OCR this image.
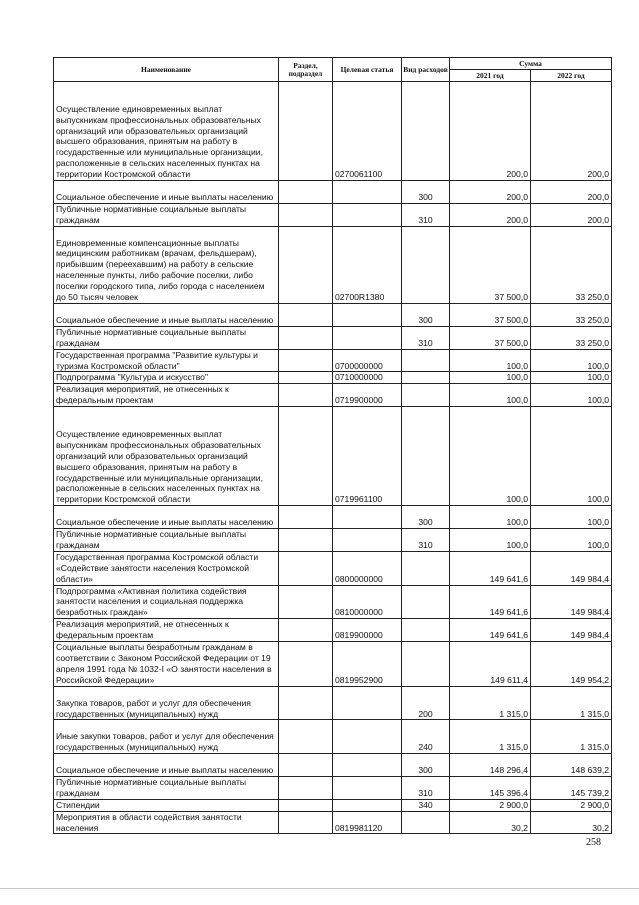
Наименование	Раздел, подраздел	Целевая статья	Вид расходов	Сумма	
				2021 год	2022 год
Осуществление единовременных выплат выпускникам профессиональных образовательных организаций или образовательных организаций высшего образования, принятым на работу в государственные или муниципальные организации, расположенные в сельских населенных пунктах на территории Костромской области		0270061100		200,0	200,0
Социальное обеспечение и иные выплаты населению			300	200,0	200,0
Публичные нормативные социальные выплаты гражданам			310	200,0	200,0
Единовременные компенсационные выплаты медицинским работникам (врачам, фельдшерам), прибывшим (переехавшим) на работу в сельские населенные пункты, либо рабочие поселки, либо поселки городского типа, либо города с населением до 50 тысяч человек		02700R1380		37 500,0	33 250,0
Социальное обеспечение и иные выплаты населению			300	37 500,0	33 250,0
Публичные нормативные социальные выплаты гражданам			310	37 500,0	33 250,0
Государственная программа "Развитие культуры и туризма Костромской области"		0700000000		100,0	100,0
Подпрограмма "Культура и искусство"		0710000000		100,0	100,0
Реализация мероприятий, не отнесенных к федеральным проектам		0719900000		100,0	100,0
Осуществление единовременных выплат выпускникам профессиональных образовательных организаций или образовательных организаций высшего образования, принятым на работу в государственные или муниципальные организации, расположенные в сельских населенных пунктах на территории Костромской области		0719961100		100,0	100,0
Социальное обеспечение и иные выплаты населению			300	100,0	100,0
Публичные нормативные социальные выплаты гражданам			310	100,0	100,0
Государственная программа Костромской области «Содействие занятости населения Костромской области»		0800000000		149 641,6	149 984,4
Подпрограмма «Активная политика содействия занятости населения и социальная поддержка безработных граждан»		0810000000		149 641,6	149 984,4
Реализация мероприятий, не отнесенных к федеральным проектам		0819900000		149 641,6	149 984,4
Социальные выплаты безработным гражданам в соответствии с Законом Российской Федерации от 19 апреля 1991 года № 1032-I «О занятости населения в Российской Федерации»		0819952900		149 611,4	149 954,2
Закупка товаров, работ и услуг для обеспечения государственных (муниципальных) нужд			200	1 315,0	1 315,0
Иные закупки товаров, работ и услуг для обеспечения государственных (муниципальных) нужд			240	1 315,0	1 315,0
Социальное обеспечение и иные выплаты населению			300	148 296,4	148 639,2
Публичные нормативные социальные выплаты гражданам			310	145 396,4	145 739,2
Стипендии			340	2 900,0	2 900,0
Мероприятия в области содействия занятости населения		0819981120		30,2	30,2
258
